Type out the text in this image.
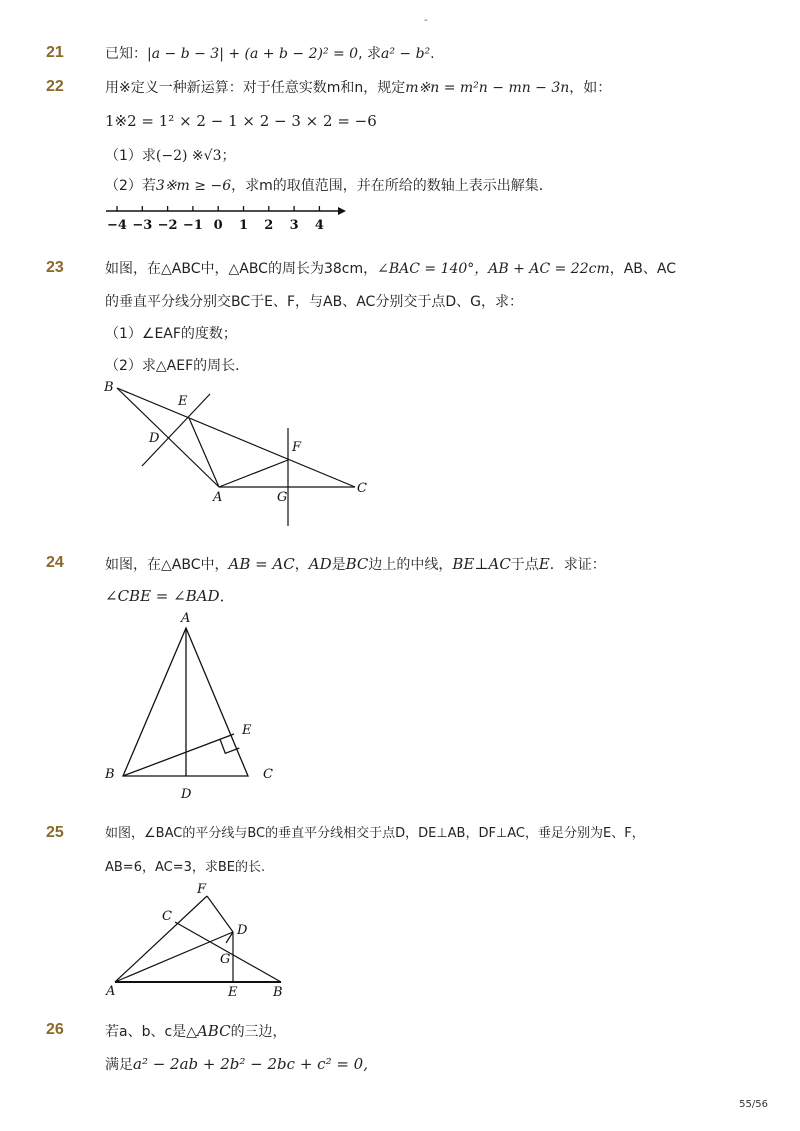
-
21	已知：|a − b − 3| + (a + b − 2)² = 0, 求a² − b².
22	用※定义一种新运算：对于任意实数m和n，规定m※n = m²n − mn − 3n，如：
1※2 = 1² × 2 − 1 × 2 − 3 × 2 = −6
（1）求(−2) ※√3；
（2）若3※m ≥ −6，求m的取值范围，并在所给的数轴上表示出解集．
−4 −3 −2 −1 0 1 2 3 4
23	如图，在△ABC中，△ABC的周长为38cm，∠BAC = 140°，AB + AC = 22cm，AB、AC
的垂直平分线分别交BC于E、F，与AB、AC分别交于点D、G，求：
（1）∠EAF的度数；
（2）求△AEF的周长．
B
E
D
F
A	G
C
24	如图，在△ABC中，AB = AC，AD是BC边上的中线，BE⊥AC于点E．求证：
∠CBE = ∠BAD．
A
E
B	C
D
25	如图，∠BAC的平分线与BC的垂直平分线相交于点D，DE⊥AB，DF⊥AC，垂足分别为E、F，
AB=6，AC=3，求BE的长.
F
C
D
G
A	E	B
26	若a、b、c是△ABC的三边，
满足a² − 2ab + 2b² − 2bc + c² = 0,
55/56
